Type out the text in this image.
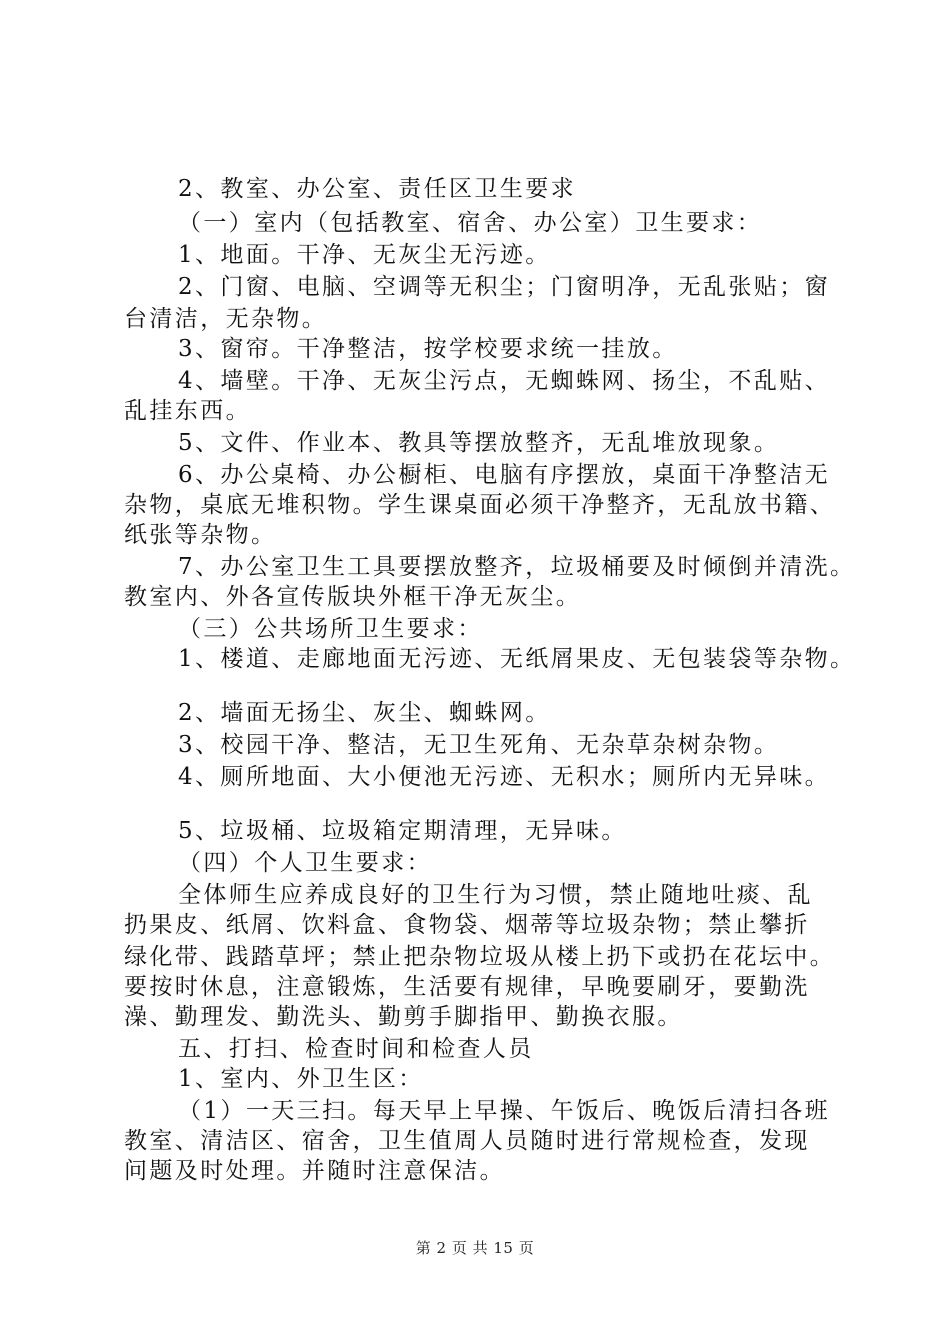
2、教室、办公室、责任区卫生要求
（一）室内（包括教室、宿舍、办公室）卫生要求：
1、地面。干净、无灰尘无污迹。
2、门窗、电脑、空调等无积尘；门窗明净，无乱张贴；窗
台清洁，无杂物。
3、窗帘。干净整洁，按学校要求统一挂放。
4、墙壁。干净、无灰尘污点，无蜘蛛网、扬尘，不乱贴、
乱挂东西。
5、文件、作业本、教具等摆放整齐，无乱堆放现象。
6、办公桌椅、办公橱柜、电脑有序摆放，桌面干净整洁无
杂物，桌底无堆积物。学生课桌面必须干净整齐，无乱放书籍、
纸张等杂物。
7、办公室卫生工具要摆放整齐，垃圾桶要及时倾倒并清洗。
教室内、外各宣传版块外框干净无灰尘。
（三）公共场所卫生要求：
1、楼道、走廊地面无污迹、无纸屑果皮、无包装袋等杂物。
2、墙面无扬尘、灰尘、蜘蛛网。
3、校园干净、整洁，无卫生死角、无杂草杂树杂物。
4、厕所地面、大小便池无污迹、无积水；厕所内无异味。
5、垃圾桶、垃圾箱定期清理，无异味。
（四）个人卫生要求：
全体师生应养成良好的卫生行为习惯，禁止随地吐痰、乱
扔果皮、纸屑、饮料盒、食物袋、烟蒂等垃圾杂物；禁止攀折
绿化带、践踏草坪；禁止把杂物垃圾从楼上扔下或扔在花坛中。
要按时休息，注意锻炼，生活要有规律，早晚要刷牙，要勤洗
澡、勤理发、勤洗头、勤剪手脚指甲、勤换衣服。
五、打扫、检查时间和检查人员
1、室内、外卫生区：
（1）一天三扫。每天早上早操、午饭后、晚饭后清扫各班
教室、清洁区、宿舍，卫生值周人员随时进行常规检查，发现
问题及时处理。并随时注意保洁。
第 2 页 共 15 页
